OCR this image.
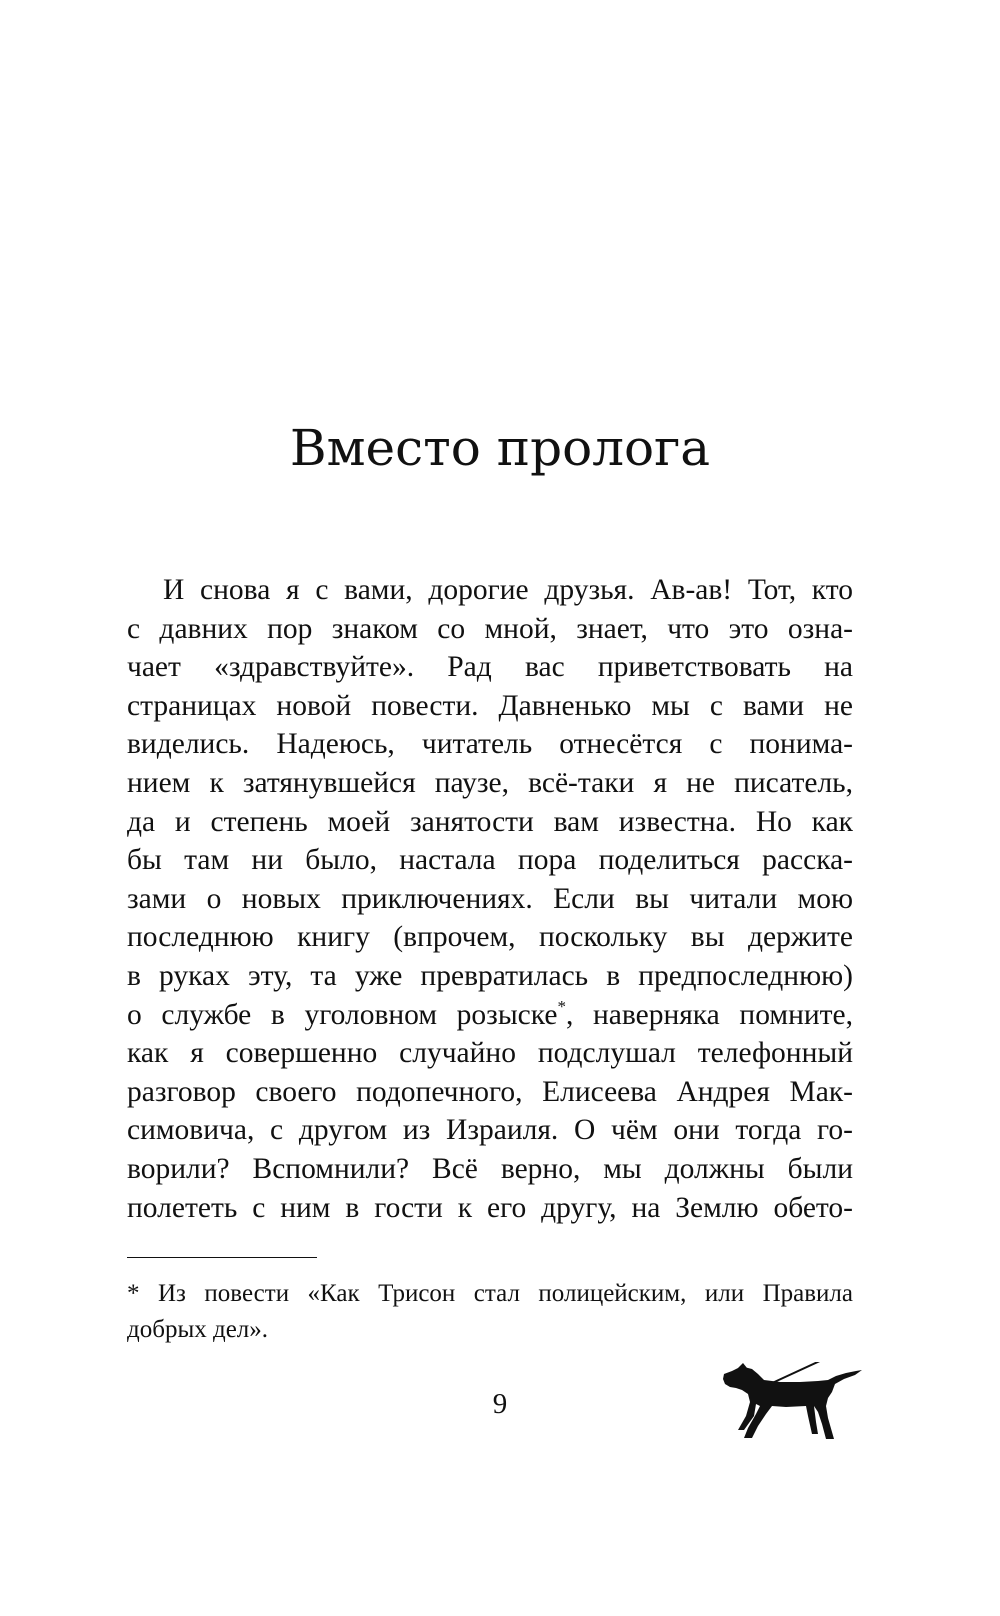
Вместо пролога
И снова я с вами, дорогие друзья. Ав-ав! Тот, кто
с давних пор знаком со мной, знает, что это озна-
чает «здравствуйте». Рад вас приветствовать на
страницах новой повести. Давненько мы с вами не
виделись. Надеюсь, читатель отнесётся с понима-
нием к затянувшейся паузе, всё-таки я не писатель,
да и степень моей занятости вам известна. Но как
бы там ни было, настала пора поделиться расска-
зами о новых приключениях. Если вы читали мою
последнюю книгу (впрочем, поскольку вы держите
в руках эту, та уже превратилась в предпоследнюю)
о службе в уголовном розыске*, наверняка помните,
как я совершенно случайно подслушал телефонный
разговор своего подопечного, Елисеева Андрея Мак-
симовича, с другом из Израиля. О чём они тогда го-
ворили? Вспомнили? Всё верно, мы должны были
полететь с ним в гости к его другу, на Землю обето-
* Из повести «Как Трисон стал полицейским, или Правила
добрых дел».
9
